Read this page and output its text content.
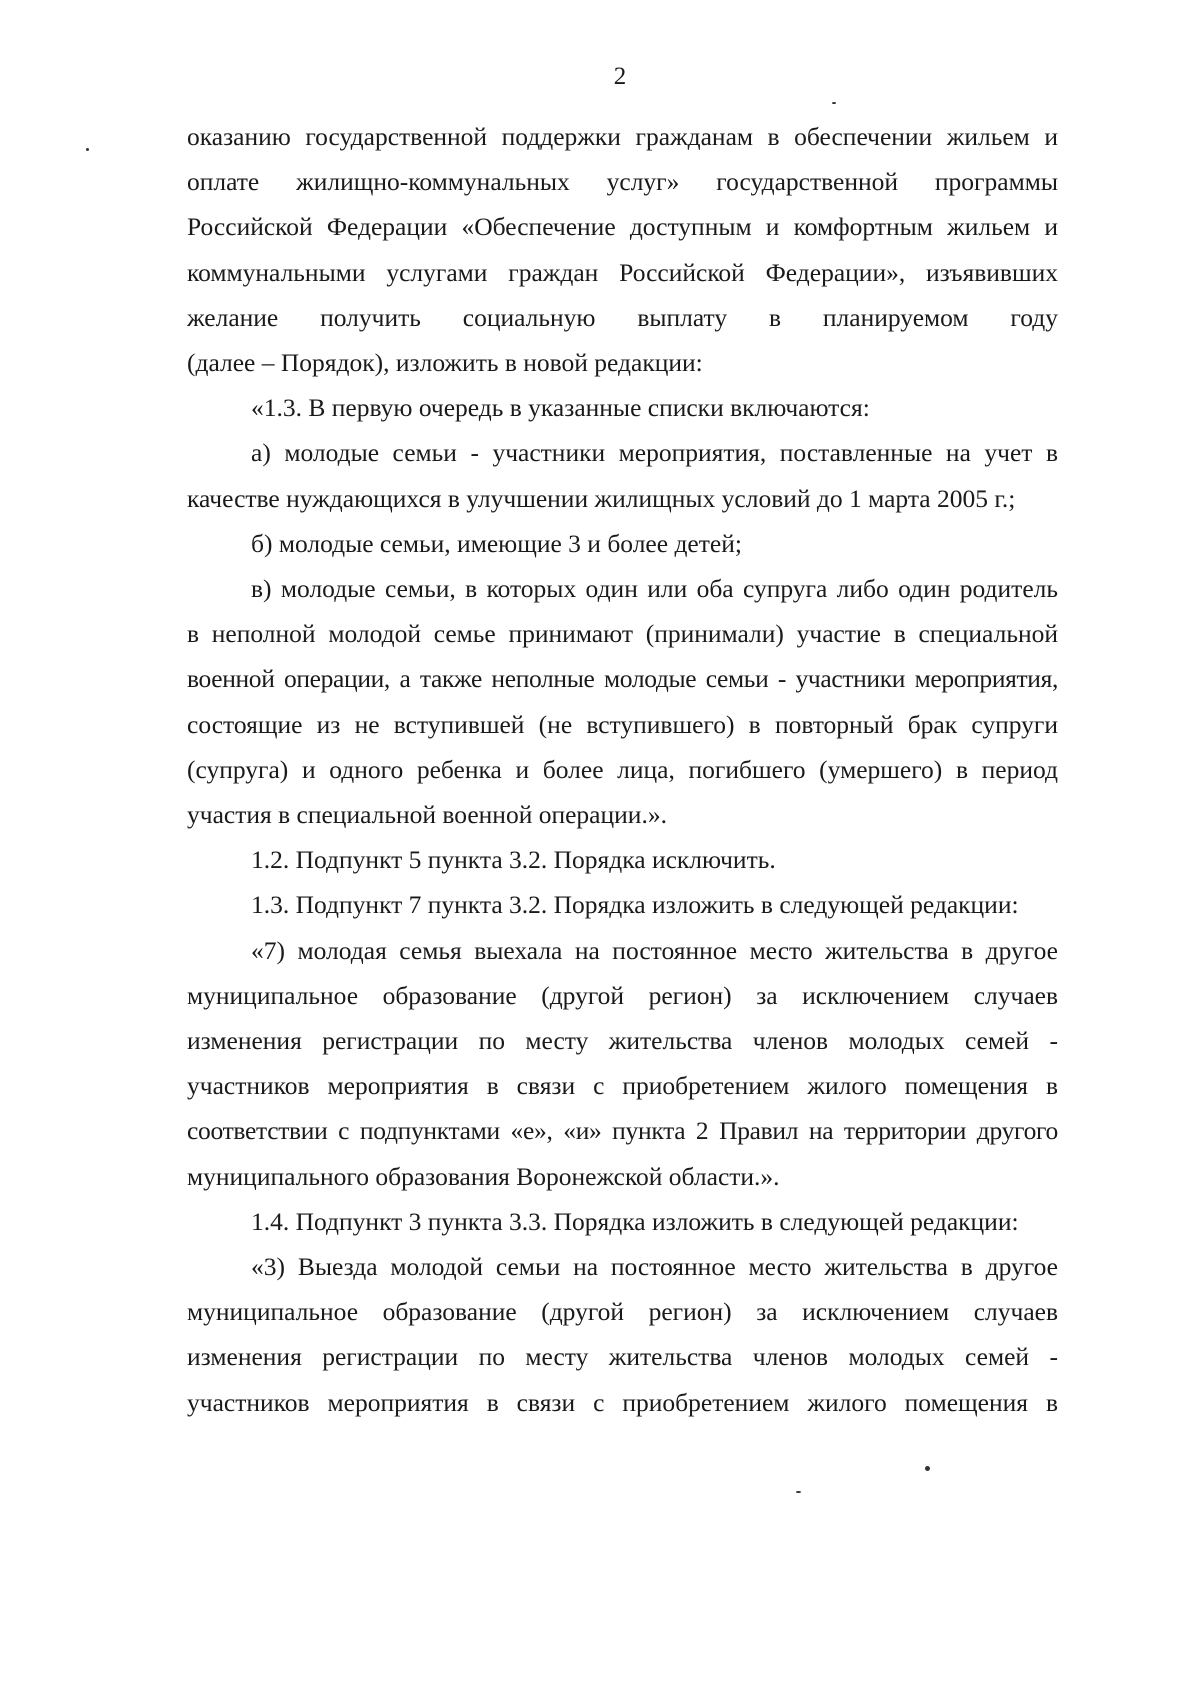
2

оказанию государственной поддержки гражданам в обеспечении жильем и
оплате жилищно-коммунальных услуг» государственной программы
Российской Федерации «Обеспечение доступным и комфортным жильем и
коммунальными услугами граждан Российской Федерации», изъявивших
желание получить социальную выплату в планируемом году
(далее – Порядок), изложить в новой редакции:

«1.3. В первую очередь в указанные списки включаются:

а) молодые семьи - участники мероприятия, поставленные на учет в
качестве нуждающихся в улучшении жилищных условий до 1 марта 2005 г.;

б) молодые семьи, имеющие 3 и более детей;

в) молодые семьи, в которых один или оба супруга либо один родитель
в неполной молодой семье принимают (принимали) участие в специальной
военной операции, а также неполные молодые семьи - участники мероприятия,
состоящие из не вступившей (не вступившего) в повторный брак супруги
(супруга) и одного ребенка и более лица, погибшего (умершего) в период
участия в специальной военной операции.».

1.2. Подпункт 5 пункта 3.2. Порядка исключить.

1.3. Подпункт 7 пункта 3.2. Порядка изложить в следующей редакции:

«7) молодая семья выехала на постоянное место жительства в другое
муниципальное образование (другой регион) за исключением случаев
изменения регистрации по месту жительства членов молодых семей -
участников мероприятия в связи с приобретением жилого помещения в
соответствии с подпунктами «е», «и» пункта 2 Правил на территории другого
муниципального образования Воронежской области.».

1.4. Подпункт 3 пункта 3.3. Порядка изложить в следующей редакции:

«3) Выезда молодой семьи на постоянное место жительства в другое
муниципальное образование (другой регион) за исключением случаев
изменения регистрации по месту жительства членов молодых семей -
участников мероприятия в связи с приобретением жилого помещения в
